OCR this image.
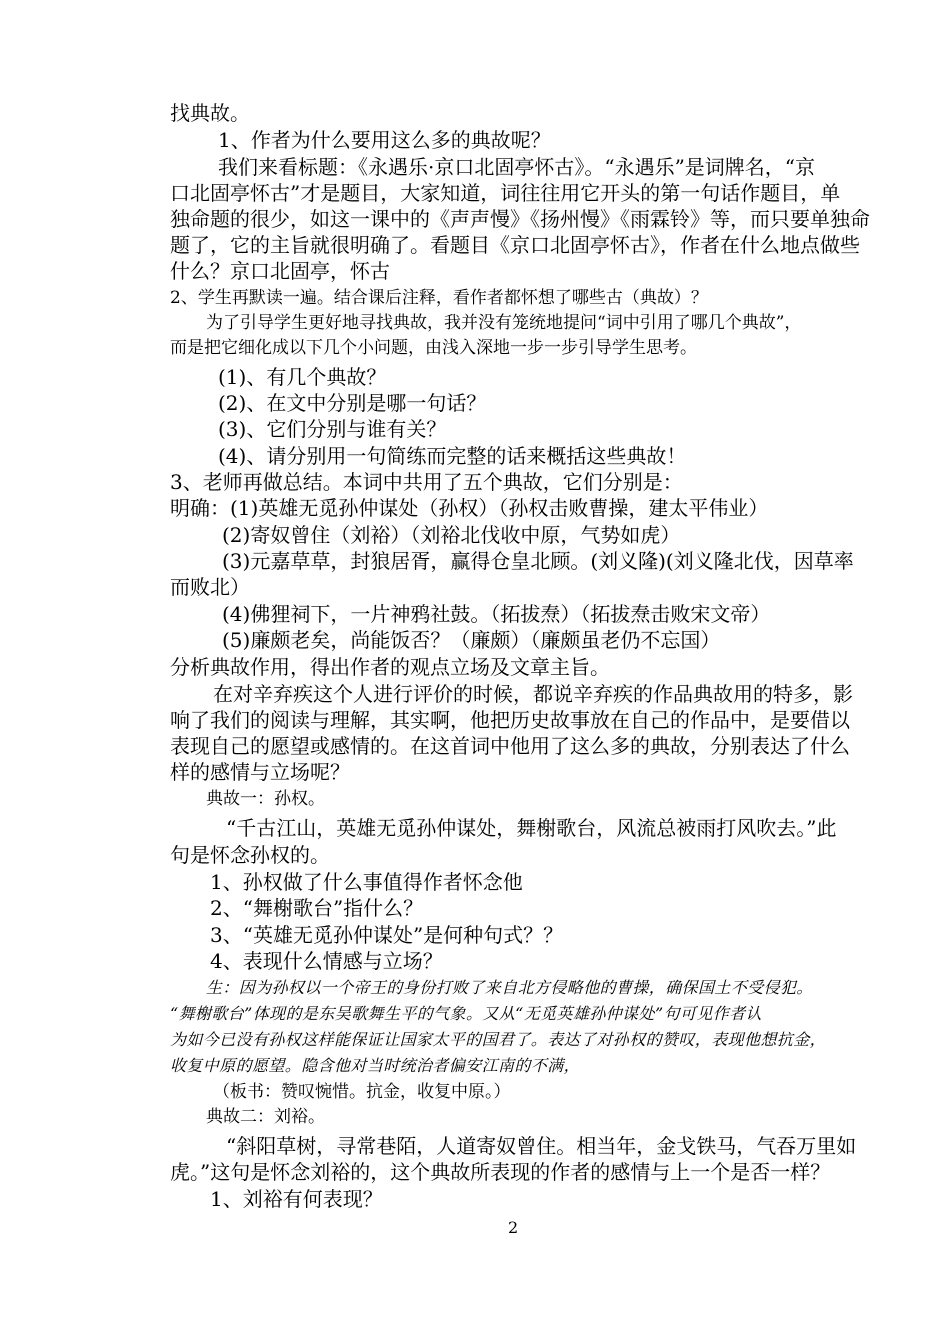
找典故。
1、作者为什么要用这么多的典故呢？
我们来看标题：《永遇乐·京口北固亭怀古》。“永遇乐”是词牌名，“京
口北固亭怀古”才是题目，大家知道，词往往用它开头的第一句话作题目，单
独命题的很少，如这一课中的《声声慢》《扬州慢》《雨霖铃》等，而只要单独命
题了，它的主旨就很明确了。看题目《京口北固亭怀古》，作者在什么地点做些
什么？京口北固亭，怀古
2、学生再默读一遍。结合课后注释，看作者都怀想了哪些古（典故）？
为了引导学生更好地寻找典故，我并没有笼统地提问“词中引用了哪几个典故”，
而是把它细化成以下几个小问题，由浅入深地一步一步引导学生思考。
(1)、有几个典故？
(2)、在文中分别是哪一句话？
(3)、它们分别与谁有关？
(4)、请分别用一句简练而完整的话来概括这些典故！
3、老师再做总结。本词中共用了五个典故，它们分别是：
明确：(1)英雄无觅孙仲谋处（孙权）（孙权击败曹操，建太平伟业）
(2)寄奴曾住（刘裕）（刘裕北伐收中原，气势如虎）
(3)元嘉草草，封狼居胥，赢得仓皇北顾。(刘义隆)(刘义隆北伐，因草率
而败北）
(4)佛狸祠下，一片神鸦社鼓。（拓拔焘）（拓拔焘击败宋文帝）
(5)廉颇老矣，尚能饭否？（廉颇）（廉颇虽老仍不忘国）
分析典故作用，得出作者的观点立场及文章主旨。
在对辛弃疾这个人进行评价的时候，都说辛弃疾的作品典故用的特多，影
响了我们的阅读与理解，其实啊，他把历史故事放在自己的作品中，是要借以
表现自己的愿望或感情的。在这首词中他用了这么多的典故，分别表达了什么
样的感情与立场呢？
典故一：孙权。
“千古江山，英雄无觅孙仲谋处，舞榭歌台，风流总被雨打风吹去。”此
句是怀念孙权的。
1、孙权做了什么事值得作者怀念他
2、“舞榭歌台”指什么？
3、“英雄无觅孙仲谋处”是何种句式？？
4、表现什么情感与立场？
生：因为孙权以一个帝王的身份打败了来自北方侵略他的曹操，确保国土不受侵犯。
“舞榭歌台”体现的是东吴歌舞生平的气象。又从“无觅英雄孙仲谋处”句可见作者认
为如今已没有孙权这样能保证让国家太平的国君了。表达了对孙权的赞叹，表现他想抗金，
收复中原的愿望。隐含他对当时统治者偏安江南的不满，
（板书：赞叹惋惜。抗金，收复中原。）
典故二：刘裕。
“斜阳草树，寻常巷陌，人道寄奴曾住。相当年，金戈铁马，气吞万里如
虎。”这句是怀念刘裕的，这个典故所表现的作者的感情与上一个是否一样？
1、刘裕有何表现？
2
